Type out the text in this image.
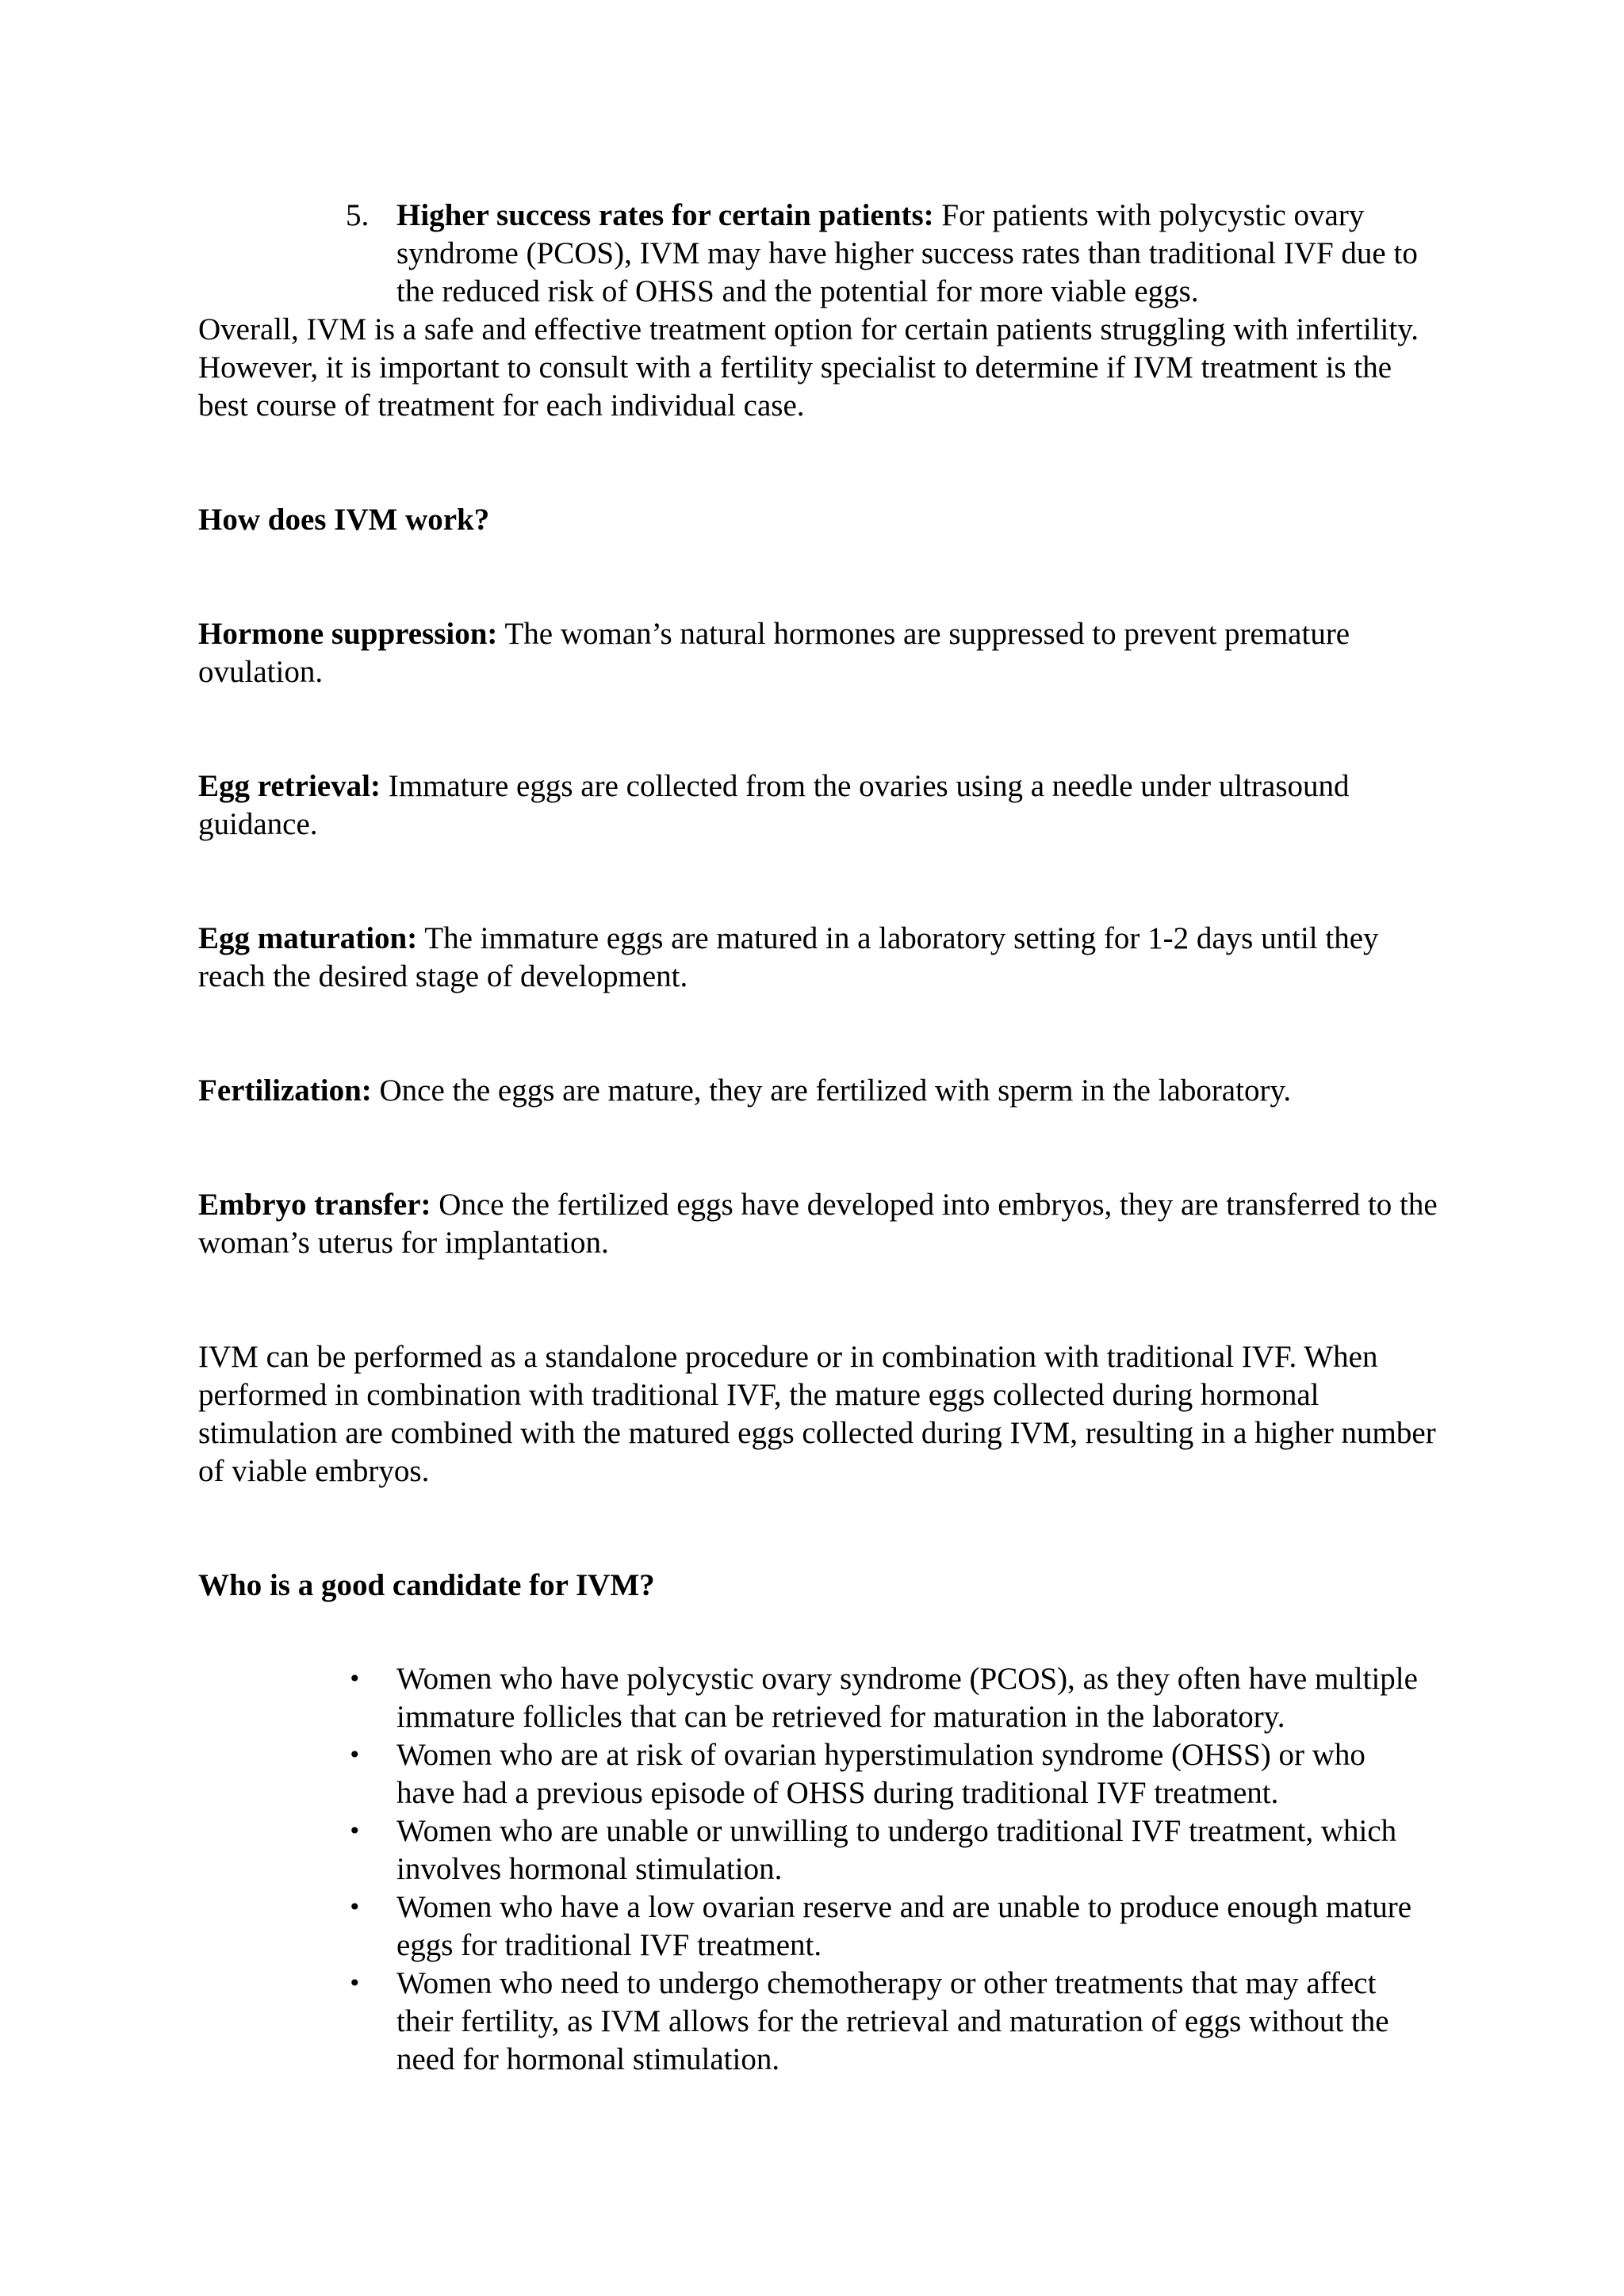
5. Higher success rates for certain patients: For patients with polycystic ovary syndrome (PCOS), IVM may have higher success rates than traditional IVF due to the reduced risk of OHSS and the potential for more viable eggs.

Overall, IVM is a safe and effective treatment option for certain patients struggling with infertility. However, it is important to consult with a fertility specialist to determine if IVM treatment is the best course of treatment for each individual case.

How does IVM work?

Hormone suppression: The woman’s natural hormones are suppressed to prevent premature ovulation.

Egg retrieval: Immature eggs are collected from the ovaries using a needle under ultrasound guidance.

Egg maturation: The immature eggs are matured in a laboratory setting for 1-2 days until they reach the desired stage of development.

Fertilization: Once the eggs are mature, they are fertilized with sperm in the laboratory.

Embryo transfer: Once the fertilized eggs have developed into embryos, they are transferred to the woman’s uterus for implantation.

IVM can be performed as a standalone procedure or in combination with traditional IVF. When performed in combination with traditional IVF, the mature eggs collected during hormonal stimulation are combined with the matured eggs collected during IVM, resulting in a higher number of viable embryos.

Who is a good candidate for IVM?

• Women who have polycystic ovary syndrome (PCOS), as they often have multiple immature follicles that can be retrieved for maturation in the laboratory.
• Women who are at risk of ovarian hyperstimulation syndrome (OHSS) or who have had a previous episode of OHSS during traditional IVF treatment.
• Women who are unable or unwilling to undergo traditional IVF treatment, which involves hormonal stimulation.
• Women who have a low ovarian reserve and are unable to produce enough mature eggs for traditional IVF treatment.
• Women who need to undergo chemotherapy or other treatments that may affect their fertility, as IVM allows for the retrieval and maturation of eggs without the need for hormonal stimulation.
